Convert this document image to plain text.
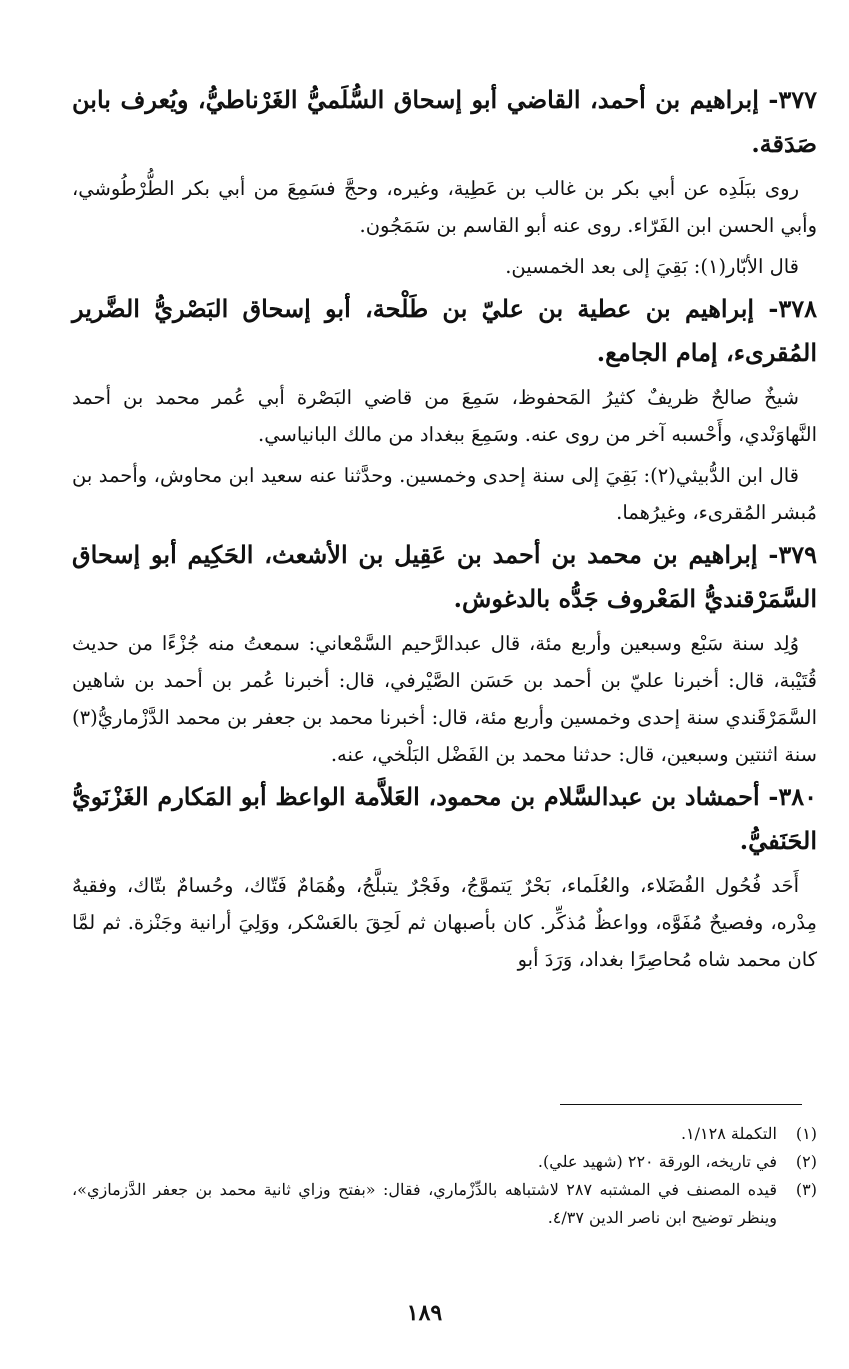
٣٧٧- إبراهيم بن أحمد، القاضي أبو إسحاق السُّلَميُّ الغَرْناطيُّ، ويُعرف بابن صَدَقة.

روى ببَلَدِه عن أبي بكر بن غالب بن عَطِية، وغيره، وحجَّ فسَمِعَ من أبي بكر الطُّرْطُوشي، وأبي الحسن ابن الفَرّاء. روى عنه أبو القاسم بن سَمَجُون.

قال الأبّار(١): بَقِيَ إلى بعد الخمسين.

٣٧٨- إبراهيم بن عطية بن عليّ بن طَلْحة، أبو إسحاق البَصْريُّ الضَّرير المُقرىء، إمام الجامع.

شيخٌ صالحٌ ظريفٌ كثيرُ المَحفوظ، سَمِعَ من قاضي البَصْرة أبي عُمر محمد بن أحمد النَّهاوَنْدي، وأَحْسبه آخر من روى عنه. وسَمِعَ ببغداد من مالك البانياسي.

قال ابن الدُّبيثي(٢): بَقِيَ إلى سنة إحدى وخمسين. وحدَّثنا عنه سعيد ابن محاوش، وأحمد بن مُبشر المُقرىء، وغيرُهما.

٣٧٩- إبراهيم بن محمد بن أحمد بن عَقِيل بن الأشعث، الحَكِيم أبو إسحاق السَّمَرْقنديُّ المَعْروف جَدُّه بالدغوش.

وُلِد سنة سَبْع وسبعين وأربع مئة، قال عبدالرَّحيم السَّمْعاني: سمعتُ منه جُزْءًا من حديث قُتَيْبة، قال: أخبرنا عليّ بن أحمد بن حَسَن الصَّيْرفي، قال: أخبرنا عُمر بن أحمد بن شاهين السَّمَرْقَندي سنة إحدى وخمسين وأربع مئة، قال: أخبرنا محمد بن جعفر بن محمد الدَّزْماريُّ(٣) سنة اثنتين وسبعين، قال: حدثنا محمد بن الفَضْل البَلْخي، عنه.

٣٨٠- أحمشاد بن عبدالسَّلام بن محمود، العَلاَّمة الواعظ أبو المَكارم الغَزْنَويُّ الحَنَفيُّ.

أَحَد فُحُول الفُضَلاء، والعُلَماء، بَحْرٌ يَتموَّجُ، وفَجْرٌ يتبلَّجُ، وهُمَامٌ فَتّاك، وحُسامٌ بتّاك، وفقيهٌ مِدْره، وفصيحٌ مُفَوَّه، وواعظٌ مُذكِّر. كان بأصبهان ثم لَحِقَ بالعَسْكر، ووَلِيَ أرانية وجَنْزة. ثم لمَّا كان محمد شاه مُحاصِرًا بغداد، وَرَدَ أبو

(١)
التكملة ١/١٢٨.
(٢)
في تاريخه، الورقة ٢٢٠ (شهيد علي).
(٣)
قيده المصنف في المشتبه ٢٨٧ لاشتباهه بالدِّزْماري، فقال: «بفتح وزاي ثانية محمد بن جعفر الدَّزمازي»، وينظر توضيح ابن ناصر الدين ٤/٣٧.
١٨٩
